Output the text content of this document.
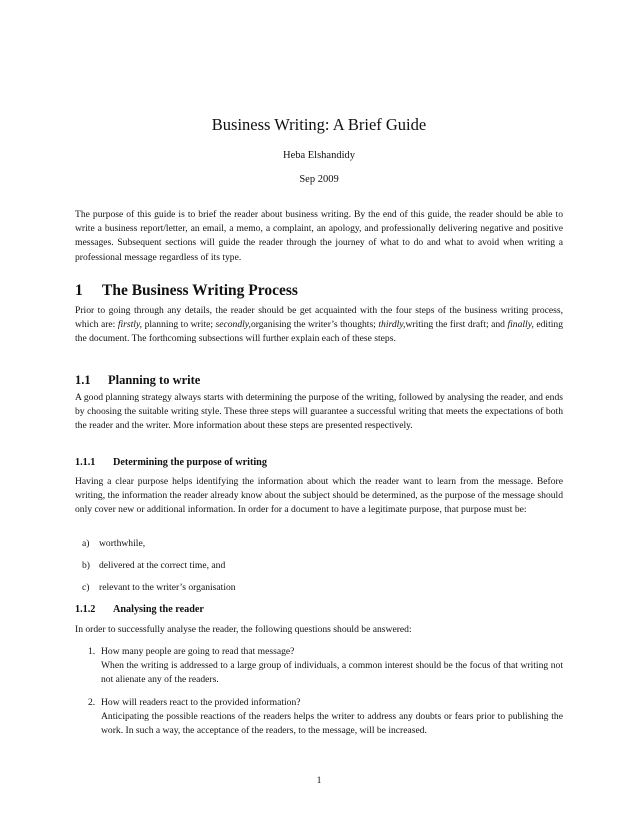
Business Writing: A Brief Guide
Heba Elshandidy
Sep 2009

The purpose of this guide is to brief the reader about business writing. By the end of this guide, the reader should be able to write a business report/letter, an email, a memo, a complaint, an apology, and professionally delivering negative and positive messages. Subsequent sections will guide the reader through the journey of what to do and what to avoid when writing a professional message regardless of its type.

1 The Business Writing Process

Prior to going through any details, the reader should be get acquainted with the four steps of the business writing process, which are: firstly, planning to write; secondly,organising the writer’s thoughts; thirdly,writing the first draft; and finally, editing the document. The forthcoming subsections will further explain each of these steps.

1.1 Planning to write

A good planning strategy always starts with determining the purpose of the writing, followed by analysing the reader, and ends by choosing the suitable writing style. These three steps will guarantee a successful writing that meets the expectations of both the reader and the writer. More information about these steps are presented respectively.

1.1.1 Determining the purpose of writing

Having a clear purpose helps identifying the information about which the reader want to learn from the message. Before writing, the information the reader already know about the subject should be determined, as the purpose of the message should only cover new or additional information. In order for a document to have a legitimate purpose, that purpose must be:

a) worthwhile,
b) delivered at the correct time, and
c) relevant to the writer’s organisation
1.1.2 Analysing the reader

In order to successfully analyse the reader, the following questions should be answered:

1. How many people are going to read that message?
When the writing is addressed to a large group of individuals, a common interest should be the focus of that writing not not alienate any of the readers.
2. How will readers react to the provided information?
Anticipating the possible reactions of the readers helps the writer to address any doubts or fears prior to publishing the work. In such a way, the acceptance of the readers, to the message, will be increased.
1
